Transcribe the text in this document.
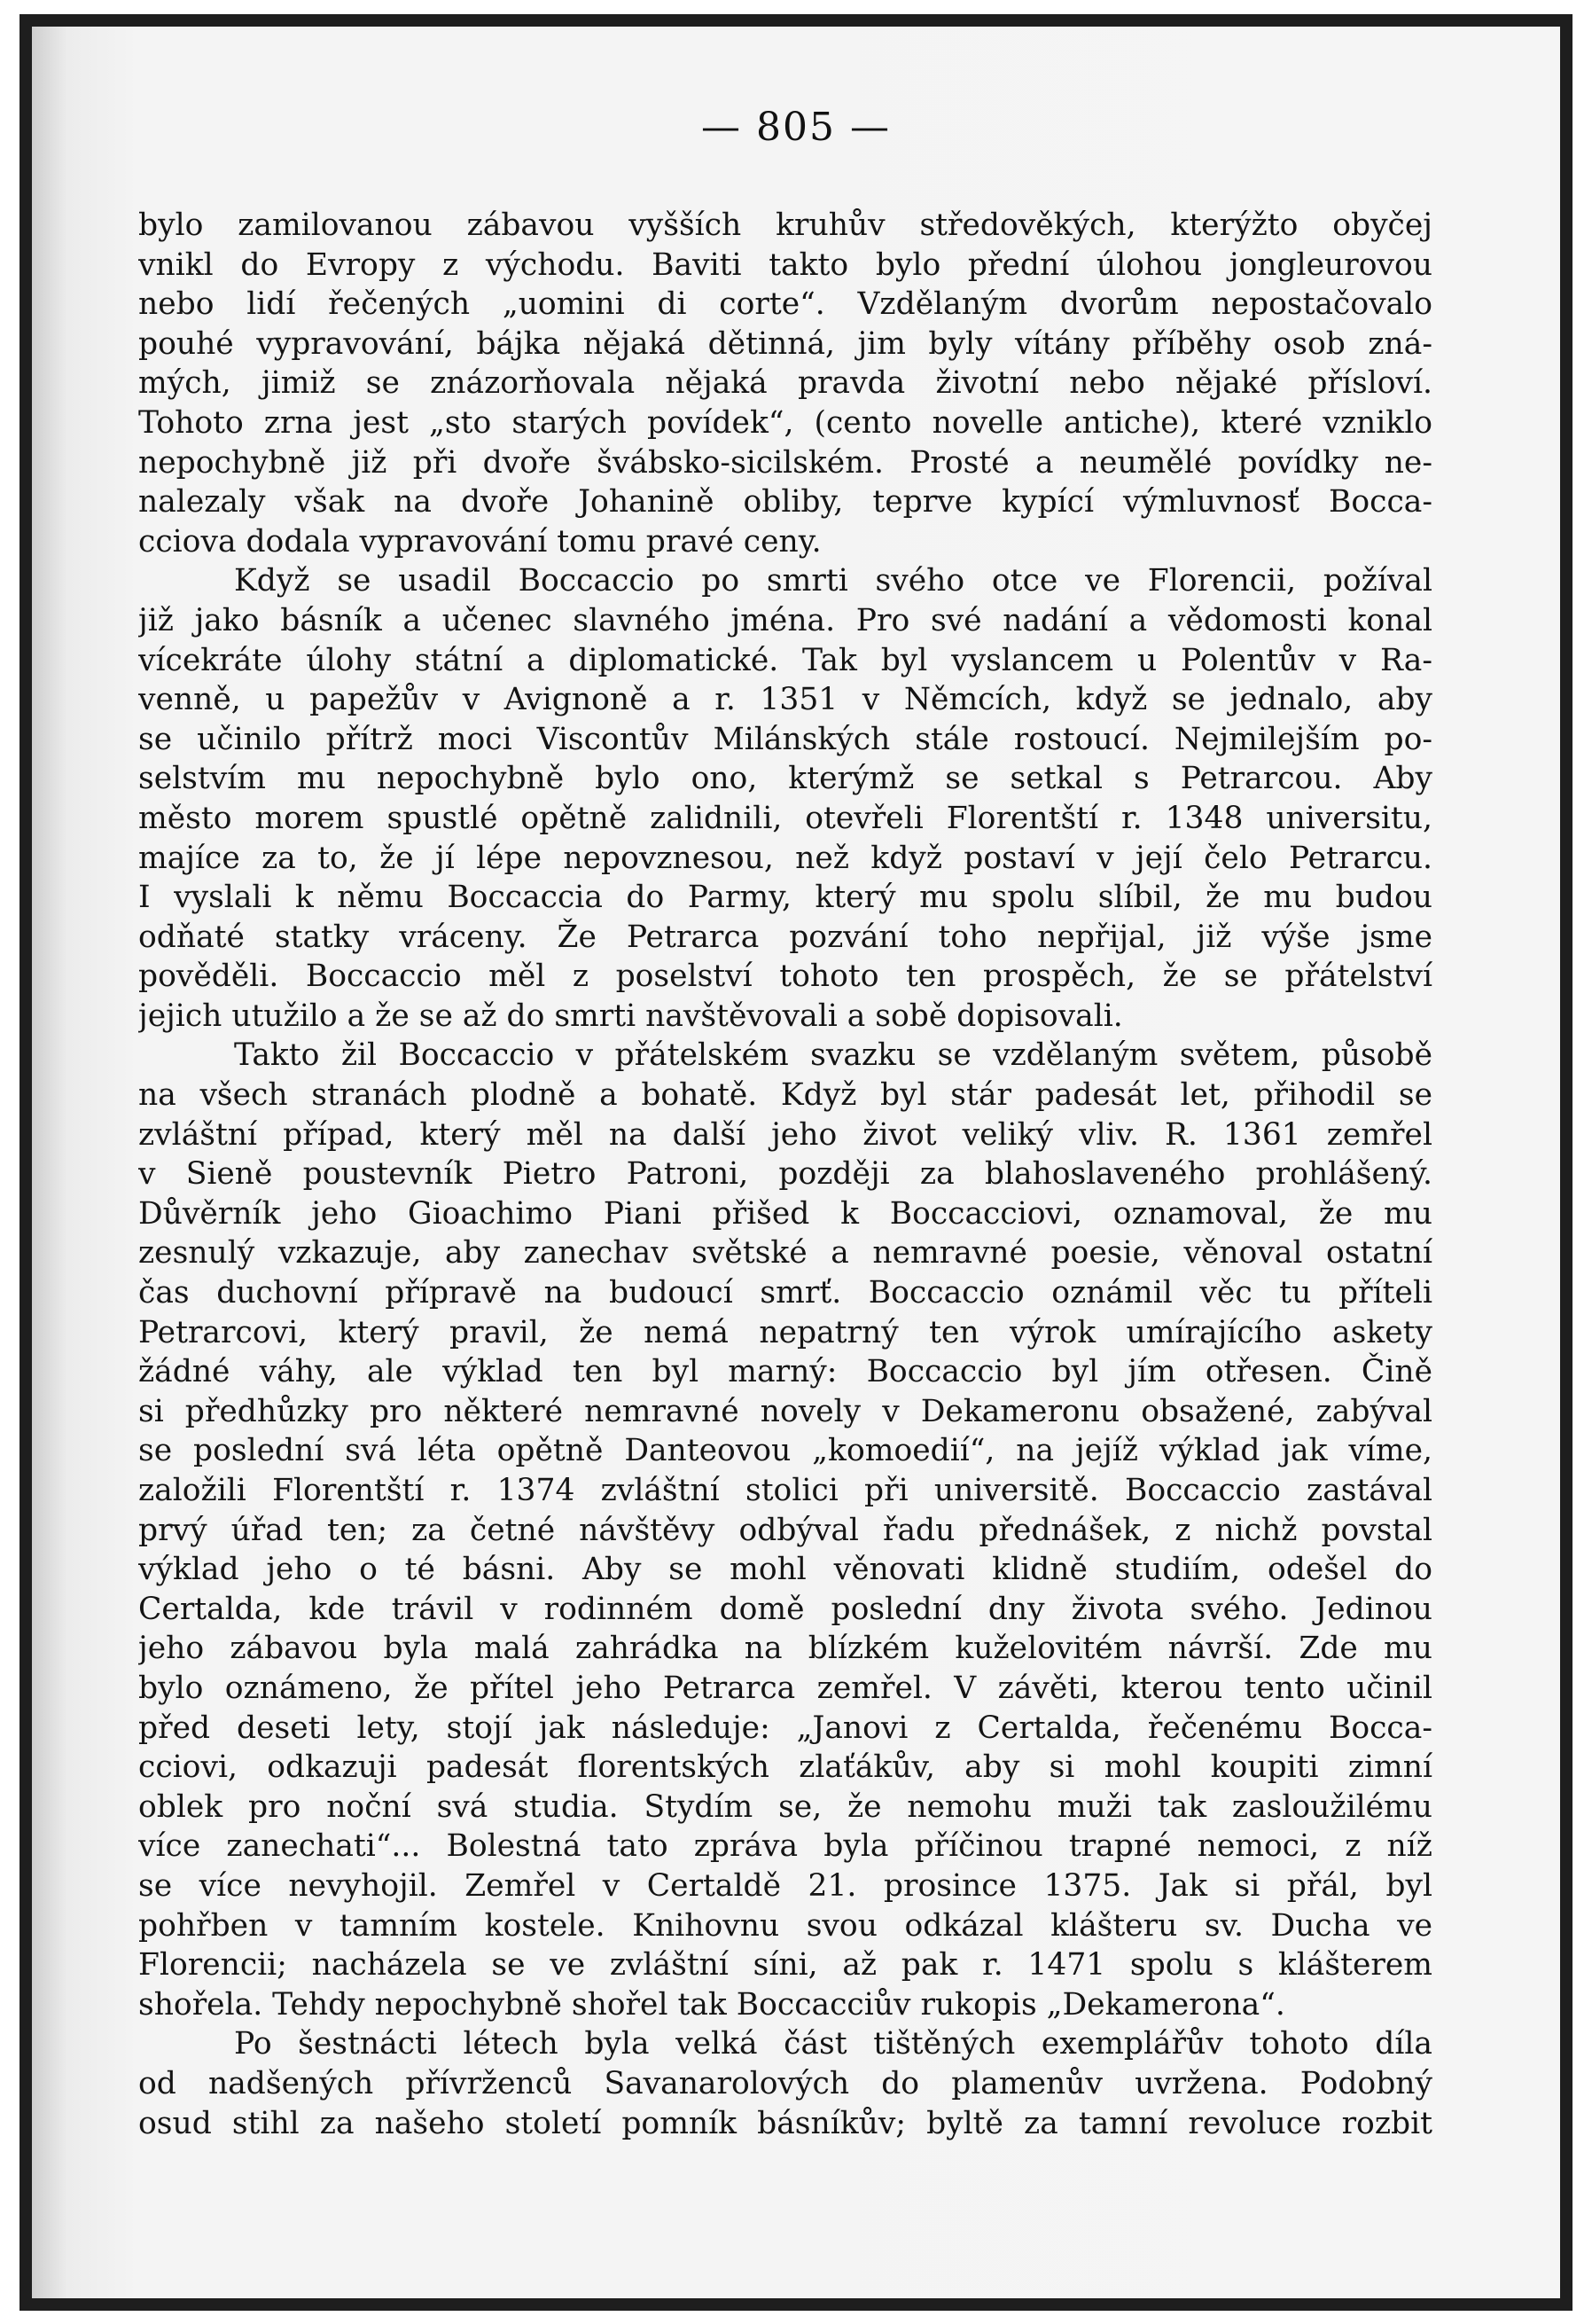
— 805 —
bylo zamilovanou zábavou vyšších kruhův středověkých, kterýžto obyčej
vnikl do Evropy z východu. Baviti takto bylo přední úlohou jongleurovou
nebo lidí řečených „uomini di corte“. Vzdělaným dvorům nepostačovalo
pouhé vypravování, bájka nějaká dětinná, jim byly vítány příběhy osob zná-
mých, jimiž se znázorňovala nějaká pravda životní nebo nějaké přísloví.
Tohoto zrna jest „sto starých povídek“, (cento novelle antiche), které vzniklo
nepochybně již při dvoře švábsko-sicilském. Prosté a neumělé povídky ne-
nalezaly však na dvoře Johanině obliby, teprve kypící výmluvnosť Bocca-
cciova dodala vypravování tomu pravé ceny.
Když se usadil Boccaccio po smrti svého otce ve Florencii, požíval
již jako básník a učenec slavného jména. Pro své nadání a vědomosti konal
vícekráte úlohy státní a diplomatické. Tak byl vyslancem u Polentův v Ra-
venně, u papežův v Avignoně a r. 1351 v Němcích, když se jednalo, aby
se učinilo přítrž moci Viscontův Milánských stále rostoucí. Nejmilejším po-
selstvím mu nepochybně bylo ono, kterýmž se setkal s Petrarcou. Aby
město morem spustlé opětně zalidnili, otevřeli Florentští r. 1348 universitu,
majíce za to, že jí lépe nepovznesou, než když postaví v její čelo Petrarcu.
I vyslali k němu Boccaccia do Parmy, který mu spolu slíbil, že mu budou
odňaté statky vráceny. Že Petrarca pozvání toho nepřijal, již výše jsme
pověděli. Boccaccio měl z poselství tohoto ten prospěch, že se přátelství
jejich utužilo a že se až do smrti navštěvovali a sobě dopisovali.
Takto žil Boccaccio v přátelském svazku se vzdělaným světem, působě
na všech stranách plodně a bohatě. Když byl stár padesát let, přihodil se
zvláštní případ, který měl na další jeho život veliký vliv. R. 1361 zemřel
v Sieně poustevník Pietro Patroni, později za blahoslaveného prohlášený.
Důvěrník jeho Gioachimo Piani přišed k Boccacciovi, oznamoval, že mu
zesnulý vzkazuje, aby zanechav světské a nemravné poesie, věnoval ostatní
čas duchovní přípravě na budoucí smrť. Boccaccio oznámil věc tu příteli
Petrarcovi, který pravil, že nemá nepatrný ten výrok umírajícího askety
žádné váhy, ale výklad ten byl marný: Boccaccio byl jím otřesen. Čině
si předhůzky pro některé nemravné novely v Dekameronu obsažené, zabýval
se poslední svá léta opětně Danteovou „komoedií“, na jejíž výklad jak víme,
založili Florentští r. 1374 zvláštní stolici při universitě. Boccaccio zastával
prvý úřad ten; za četné návštěvy odbýval řadu přednášek, z nichž povstal
výklad jeho o té básni. Aby se mohl věnovati klidně studiím, odešel do
Certalda, kde trávil v rodinném domě poslední dny života svého. Jedinou
jeho zábavou byla malá zahrádka na blízkém kuželovitém návrší. Zde mu
bylo oznámeno, že přítel jeho Petrarca zemřel. V závěti, kterou tento učinil
před deseti lety, stojí jak následuje: „Janovi z Certalda, řečenému Bocca-
cciovi, odkazuji padesát florentských zlaťákův, aby si mohl koupiti zimní
oblek pro noční svá studia. Stydím se, že nemohu muži tak zasloužilému
více zanechati“... Bolestná tato zpráva byla příčinou trapné nemoci, z níž
se více nevyhojil. Zemřel v Certaldě 21. prosince 1375. Jak si přál, byl
pohřben v tamním kostele. Knihovnu svou odkázal klášteru sv. Ducha ve
Florencii; nacházela se ve zvláštní síni, až pak r. 1471 spolu s klášterem
shořela. Tehdy nepochybně shořel tak Boccacciův rukopis „Dekamerona“.
Po šestnácti létech byla velká část tištěných exemplářův tohoto díla
od nadšených přívrženců Savanarolových do plamenův uvržena. Podobný
osud stihl za našeho století pomník básníkův; byltě za tamní revoluce rozbit
